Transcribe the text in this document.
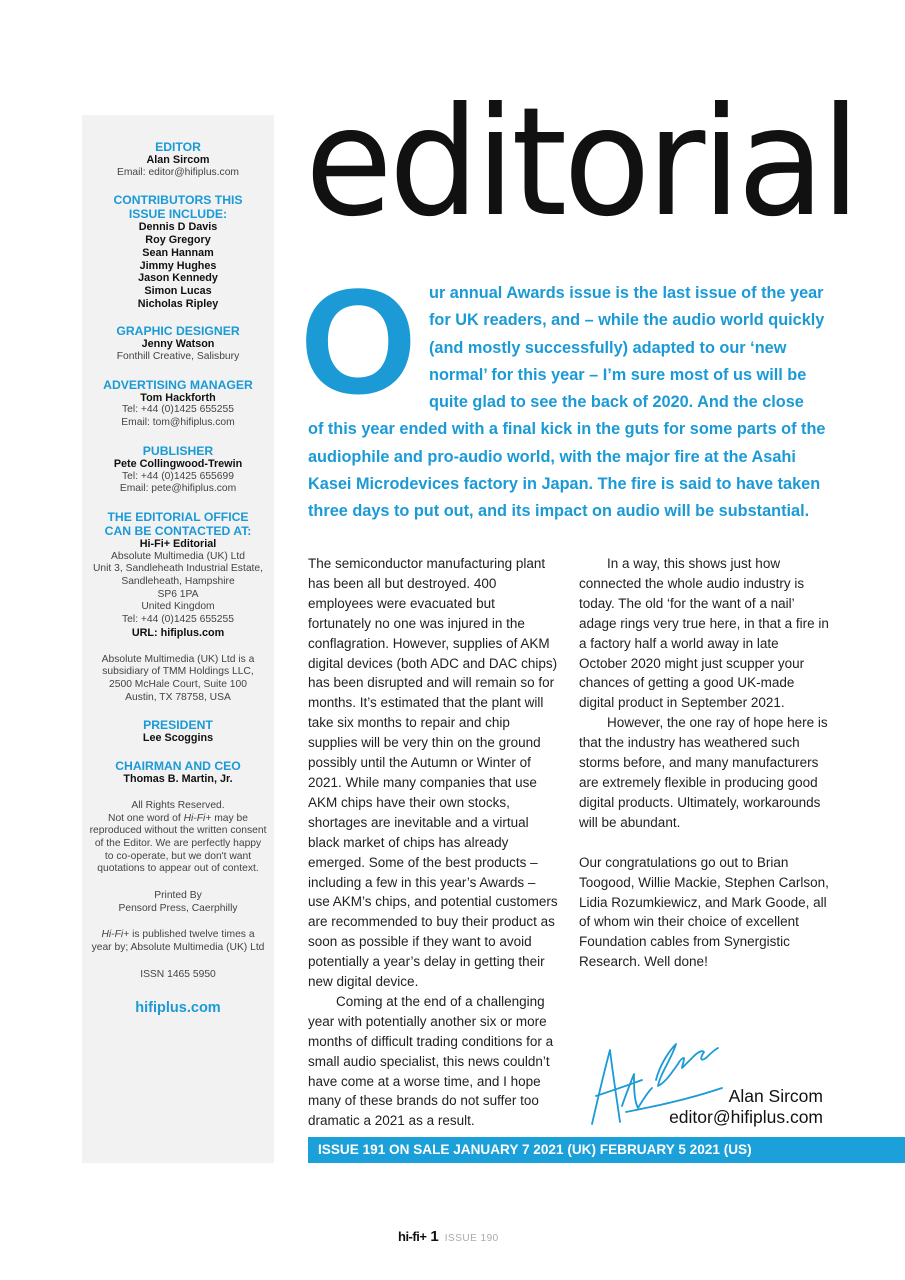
EDITOR
Alan Sircom
Email: editor@hifiplus.com
CONTRIBUTORS THIS
ISSUE INCLUDE:
Dennis D Davis
Roy Gregory
Sean Hannam
Jimmy Hughes
Jason Kennedy
Simon Lucas
Nicholas Ripley
GRAPHIC DESIGNER
Jenny Watson
Fonthill Creative, Salisbury
ADVERTISING MANAGER
Tom Hackforth
Tel: +44 (0)1425 655255
Email: tom@hifiplus.com
PUBLISHER
Pete Collingwood-Trewin
Tel: +44 (0)1425 655699
Email: pete@hifiplus.com
THE EDITORIAL OFFICE
CAN BE CONTACTED AT:
Hi-Fi+ Editorial
Absolute Multimedia (UK) Ltd
Unit 3, Sandleheath Industrial Estate,
Sandleheath, Hampshire
SP6 1PA
United Kingdom
Tel: +44 (0)1425 655255
URL: hifiplus.com
Absolute Multimedia (UK) Ltd is a
subsidiary of TMM Holdings LLC,
2500 McHale Court, Suite 100
Austin, TX 78758, USA
PRESIDENT
Lee Scoggins
CHAIRMAN AND CEO
Thomas B. Martin, Jr.
All Rights Reserved.
Not one word of Hi-Fi+ may be
reproduced without the written consent
of the Editor. We are perfectly happy
to co-operate, but we don't want
quotations to appear out of context.
Printed By
Pensord Press, Caerphilly
Hi-Fi+ is published twelve times a
year by; Absolute Multimedia (UK) Ltd
ISSN 1465 5950
hifiplus.com
editorial
O ur annual Awards issue is the last issue of the year
for UK readers, and – while the audio world quickly
(and mostly successfully) adapted to our ‘new
normal’ for this year – I’m sure most of us will be
quite glad to see the back of 2020. And the close
of this year ended with a final kick in the guts for some parts of the
audiophile and pro-audio world, with the major fire at the Asahi
Kasei Microdevices factory in Japan. The fire is said to have taken
three days to put out, and its impact on audio will be substantial.

The semiconductor manufacturing plant has been all but destroyed. 400 employees were evacuated but fortunately no one was injured in the conflagration. However, supplies of AKM digital devices (both ADC and DAC chips) has been disrupted and will remain so for months. It’s estimated that the plant will take six months to repair and chip supplies will be very thin on the ground possibly until the Autumn or Winter of 2021. While many companies that use AKM chips have their own stocks, shortages are inevitable and a virtual black market of chips has already emerged. Some of the best products – including a few in this year’s Awards – use AKM’s chips, and potential customers are recommended to buy their product as soon as possible if they want to avoid potentially a year’s delay in getting their new digital device.

Coming at the end of a challenging year with potentially another six or more months of difficult trading conditions for a small audio specialist, this news couldn’t have come at a worse time, and I hope many of these brands do not suffer too dramatic a 2021 as a result.

In a way, this shows just how connected the whole audio industry is today. The old ‘for the want of a nail’ adage rings very true here, in that a fire in a factory half a world away in late October 2020 might just scupper your chances of getting a good UK-made digital product in September 2021.

However, the one ray of hope here is that the industry has weathered such storms before, and many manufacturers are extremely flexible in producing good digital products. Ultimately, workarounds will be abundant.

Our congratulations go out to Brian Toogood, Willie Mackie, Stephen Carlson, Lidia Rozumkiewicz, and Mark Goode, all of whom win their choice of excellent Foundation cables from Synergistic Research. Well done!

Alan Sircom
editor@hifiplus.com
ISSUE 191 ON SALE JANUARY 7 2021 (UK) FEBRUARY 5 2021 (US)
hi-fi+ 1 ISSUE 190
